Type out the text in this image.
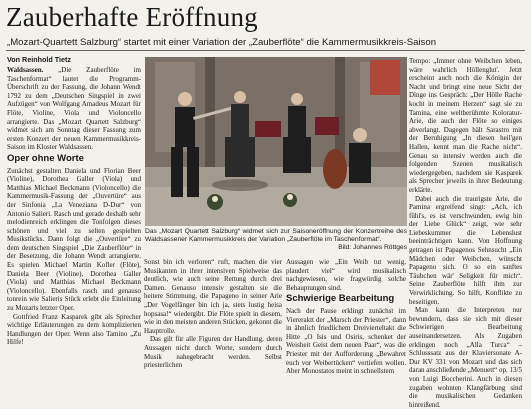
Zauberhafte Eröffnung

„Mozart-Quartett Salzburg“ startet mit einer Variation der „Zauberflöte“ die Kammermusikkreis-Saison

Von Reinhold Tietz

Waldsassen. „Die Zauberflöte im Taschenformat“ lautet die Programm-Überschrift zu der Fassung, die Johann Wendt 1792 zu dem „Deutschen Singspiel in zwei Aufzügen“ von Wolfgang Amadeus Mozart für Flöte, Violine, Viola und Violoncello arrangierte. Das „Mozart Quartett Salzburg“ widmet sich am Sonntag dieser Fassung zum ersten Konzert der neuen Kammermusikkreis-Saison im Kloster Waldsassen.

Oper ohne Worte

Zunächst gestalten Daniela und Florian Beer (Violine), Dorothea Galler (Viola) und Matthias Michael Beckmann (Violoncello) die Kammermusik-Fassung der „Ouvertüre“ aus der Sinfonia „La Veneziana D-Dur“ von Antonio Salieri. Rasch und gerade deshalb sehr melodienreich erklingen die Tonfolgen dieses schönen und viel zu selten gespielten Musikstücks. Dann folgt die „Ouvertüre“ zu dem deutschen Singspiel „Die Zauberflöte“ in der Besetzung, die Johann Wendt arrangierte. Es spielen Michael Martin Kofler (Flöte), Daniela Beer (Violine), Dorothea Galler (Viola) und Matthias Michael Beckmann (Violoncello). Ebenfalls rasch und genauso tonrein wie Salieris Stück erlebt die Einleitung zu Mozarts letzter Oper.

Gottfried Franz Kasparek gibt als Sprecher wichtige Erläuterungen zu dem komplizierten Handlungen der Oper. Wenn also Tamino „Zu Hilfe!

Das „Mozart Quartett Salzburg“ widmet sich zur Saisoneröffnung der Konzertreihe des Waldsassener Kammermusikkreis der Variation „Zauberflöte im Taschenformat“.
Bild: Johannes Röttges

Sonst bin ich verloren“ ruft, machen die vier Musikanten in ihrer intensiven Spielweise das deutlich, wie auch seine Rettung durch drei Damen. Genauso intensiv gestalten sie die heitere Stimmung, die Papageno in seiner Arie „Der Vogelfänger bin ich ja, stets lustig heisa hopsasa!“ wiedergibt. Die Flöte spielt in diesem, wie in den meisten anderen Stücken, gekonnt die Hauptrolle.

Das gilt für alle Figuren der Handlung, deren Aussagen nicht durch Worte, sondern durch Musik nahegebracht werden. Selbst priesterlichen

Aussagen wie „Ein Weib tut wenig, plaudert viel“ wird musikalisch nachgewiesen, wie fragwürdig solche Behauptungen sind.

Schwierige Bearbeitung

Nach der Pause erklingt zunächst im Viereraktt der „Marsch der Priester“, dann in ähnlich friedlichem Dreivierteltakt die Hitte „O Isis und Osiris, schenket der Weisheit Geist dem neuen Paar“, was die Priester mit der Aufforderung „Bewahret euch vor Weibertücken“ vertiefen wollen. Aber Monostatos meint in schnellstem

Tempo: „Immer ohne Weibchen leben, wäre wahrlich Höllengluť. Jetzt erscheint auch noch die Königin der Nacht und bringt eine neue Sicht der Dinge ins Gespräch: „Der Hölle Rache kocht in meinem Herzen“ sagt sie zu Tamina, eine weltberühmte Koloratur-Arie, die auch der Flöte so einiges abverlangt. Dagegen hält Sarastro mit der Beruhigung „In diesen heil'gen Hallen, kennt man die Rache nicht“. Genau so intensiv werden auch die folgenden Szenen musikalisch wiedergegeben, nachdem sie Kasparek als Sprecher jeweils in ihrer Bedeutung erklärte.

Dabei auch die traurigste Arie, die Pamina ergreifend singt: „Ach, ich fühl's, es ist verschwunden, ewig hin der Liebe Glück“ zeigt, wie sehr Liebeskummer die Lebenslust beeinträchtigen kann. Von Hoffnung getragen ist Papagenos Sehnsucht „Ein Mädchen oder Weibchen, wünscht Papageno sich. O so ein sanftes Täubchen wär' Seligkeit für mich“. Seine Zauberflöte hilft ihm zur Verwirklichung. So hilft, Konflikte zu beseitigen.

Man kann die Interpreten nur bewundern, dass sie sich mit dieser Schwierigen Bearbeitung auseinandersetzen. Als Zugaben erklingen noch „Alla Turca“ – Schlusssatz aus der Klaviersonate A-Dur KV 331 von Mozart und das sich daran anschließende „Menuett“ op. 13/5 von Luigi Boccherini. Auch in diesen zugaben wohnten Klangfärbung sind die musikalischen Gedanken hinreißend.
